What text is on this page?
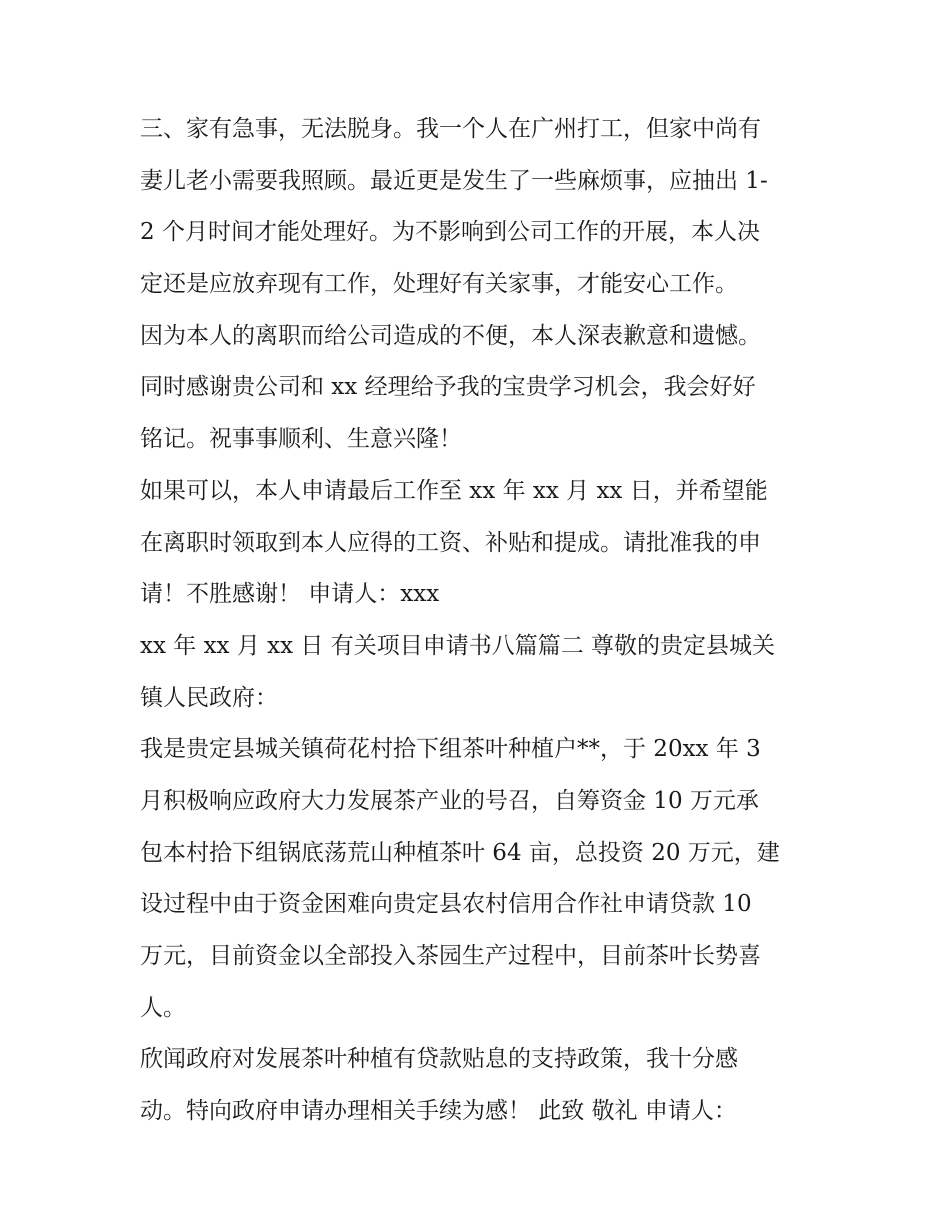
三、家有急事，无法脱身。我一个人在广州打工，但家中尚有
妻儿老小需要我照顾。最近更是发生了一些麻烦事，应抽出 1-
2 个月时间才能处理好。为不影响到公司工作的开展，本人决
定还是应放弃现有工作，处理好有关家事，才能安心工作。
因为本人的离职而给公司造成的不便，本人深表歉意和遗憾。
同时感谢贵公司和 xx 经理给予我的宝贵学习机会，我会好好
铭记。祝事事顺利、生意兴隆！
如果可以，本人申请最后工作至 xx 年 xx 月 xx 日，并希望能
在离职时领取到本人应得的工资、补贴和提成。请批准我的申
请！不胜感谢！ 申请人：xxx
xx 年 xx 月 xx 日 有关项目申请书八篇篇二 尊敬的贵定县城关
镇人民政府：
我是贵定县城关镇荷花村拾下组茶叶种植户**，于 20xx 年 3
月积极响应政府大力发展茶产业的号召，自筹资金 10 万元承
包本村拾下组锅底荡荒山种植茶叶 64 亩，总投资 20 万元，建
设过程中由于资金困难向贵定县农村信用合作社申请贷款 10
万元，目前资金以全部投入茶园生产过程中，目前茶叶长势喜
人。
欣闻政府对发展茶叶种植有贷款贴息的支持政策，我十分感
动。特向政府申请办理相关手续为感！ 此致 敬礼 申请人：
